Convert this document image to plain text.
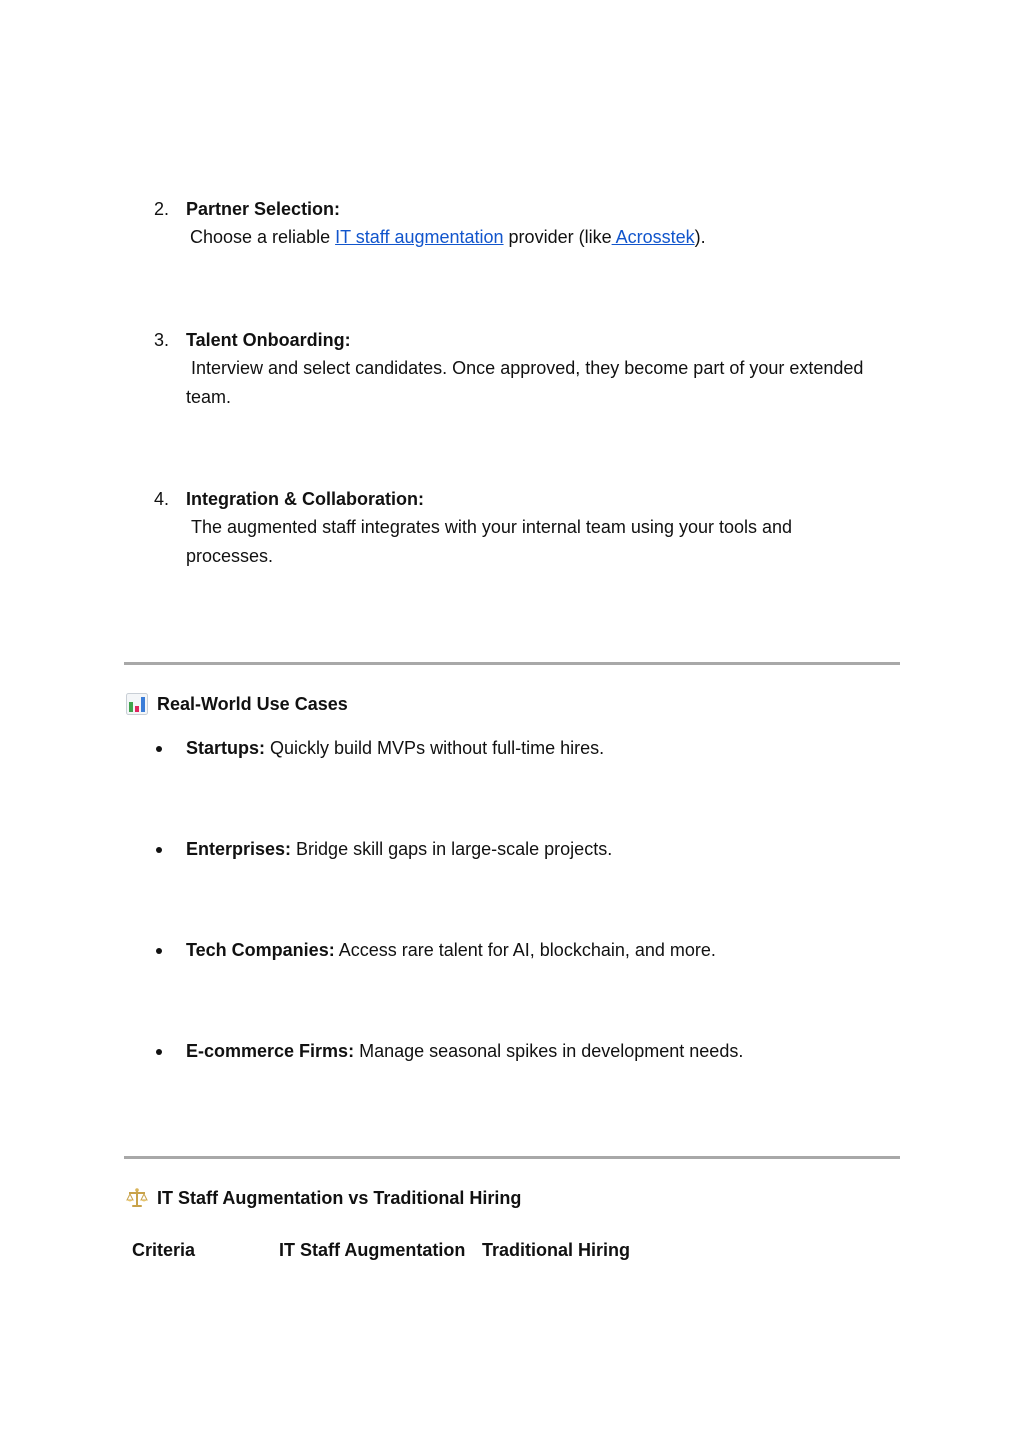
2. Partner Selection:
Choose a reliable IT staff augmentation provider (like Acrosstek).
3. Talent Onboarding:
Interview and select candidates. Once approved, they become part of your extended team.
4. Integration & Collaboration:
The augmented staff integrates with your internal team using your tools and processes.
Real-World Use Cases
Startups: Quickly build MVPs without full-time hires.
Enterprises: Bridge skill gaps in large-scale projects.
Tech Companies: Access rare talent for AI, blockchain, and more.
E-commerce Firms: Manage seasonal spikes in development needs.
IT Staff Augmentation vs Traditional Hiring
Criteria	IT Staff Augmentation Traditional Hiring
